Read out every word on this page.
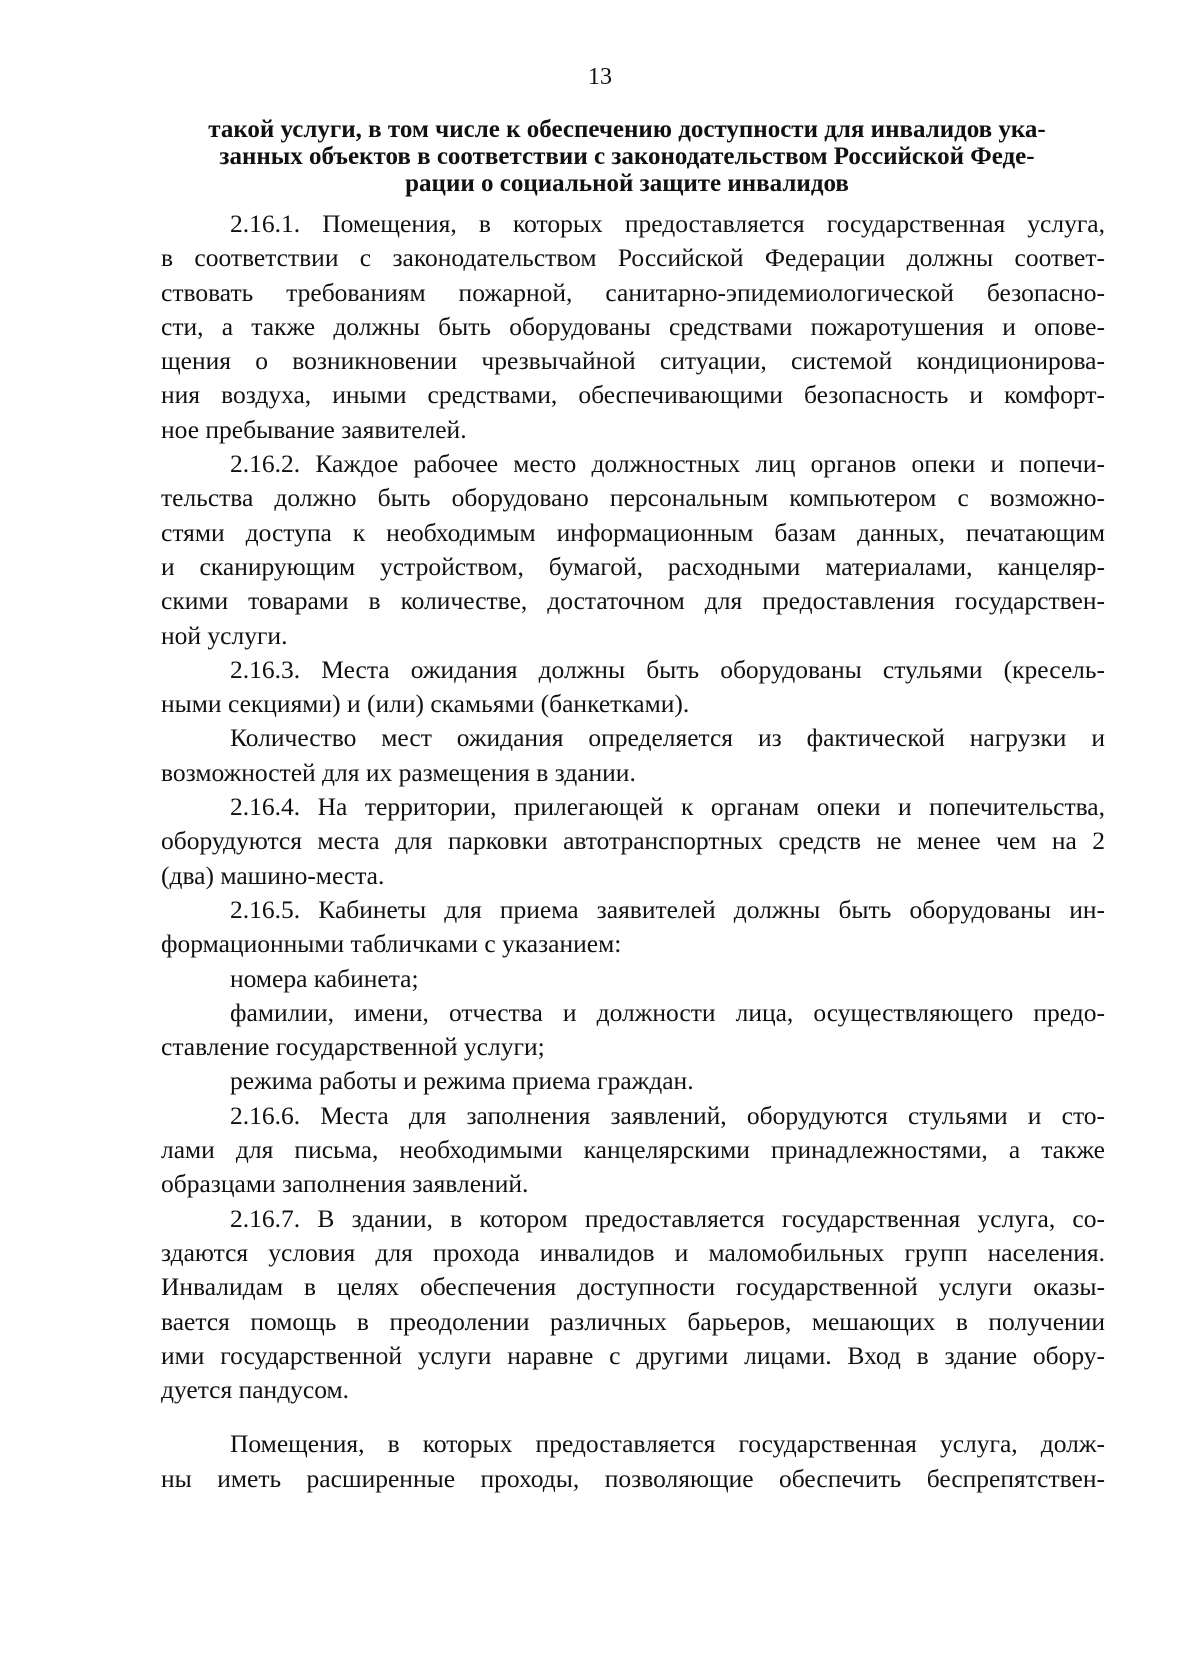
13
такой услуги, в том числе к обеспечению доступности для инвалидов ука-
занных объектов в соответствии с законодательством Российской Феде-
рации о социальной защите инвалидов
2.16.1. Помещения, в которых предоставляется государственная услуга,
в соответствии с законодательством Российской Федерации должны соответ-
ствовать требованиям пожарной, санитарно-эпидемиологической безопасно-
сти, а также должны быть оборудованы средствами пожаротушения и опове-
щения о возникновении чрезвычайной ситуации, системой кондиционирова-
ния воздуха, иными средствами, обеспечивающими безопасность и комфорт-
ное пребывание заявителей.
2.16.2. Каждое рабочее место должностных лиц органов опеки и попечи-
тельства должно быть оборудовано персональным компьютером с возможно-
стями доступа к необходимым информационным базам данных, печатающим
и сканирующим устройством, бумагой, расходными материалами, канцеляр-
скими товарами в количестве, достаточном для предоставления государствен-
ной услуги.
2.16.3. Места ожидания должны быть оборудованы стульями (кресель-
ными секциями) и (или) скамьями (банкетками).
Количество мест ожидания определяется из фактической нагрузки и
возможностей для их размещения в здании.
2.16.4. На территории, прилегающей к органам опеки и попечительства,
оборудуются места для парковки автотранспортных средств не менее чем на 2
(два) машино-места.
2.16.5. Кабинеты для приема заявителей должны быть оборудованы ин-
формационными табличками с указанием:
номера кабинета;
фамилии, имени, отчества и должности лица, осуществляющего предо-
ставление государственной услуги;
режима работы и режима приема граждан.
2.16.6. Места для заполнения заявлений, оборудуются стульями и сто-
лами для письма, необходимыми канцелярскими принадлежностями, а также
образцами заполнения заявлений.
2.16.7. В здании, в котором предоставляется государственная услуга, со-
здаются условия для прохода инвалидов и маломобильных групп населения.
Инвалидам в целях обеспечения доступности государственной услуги оказы-
вается помощь в преодолении различных барьеров, мешающих в получении
ими государственной услуги наравне с другими лицами. Вход в здание обору-
дуется пандусом.
Помещения, в которых предоставляется государственная услуга, долж-
ны иметь расширенные проходы, позволяющие обеспечить беспрепятствен-
